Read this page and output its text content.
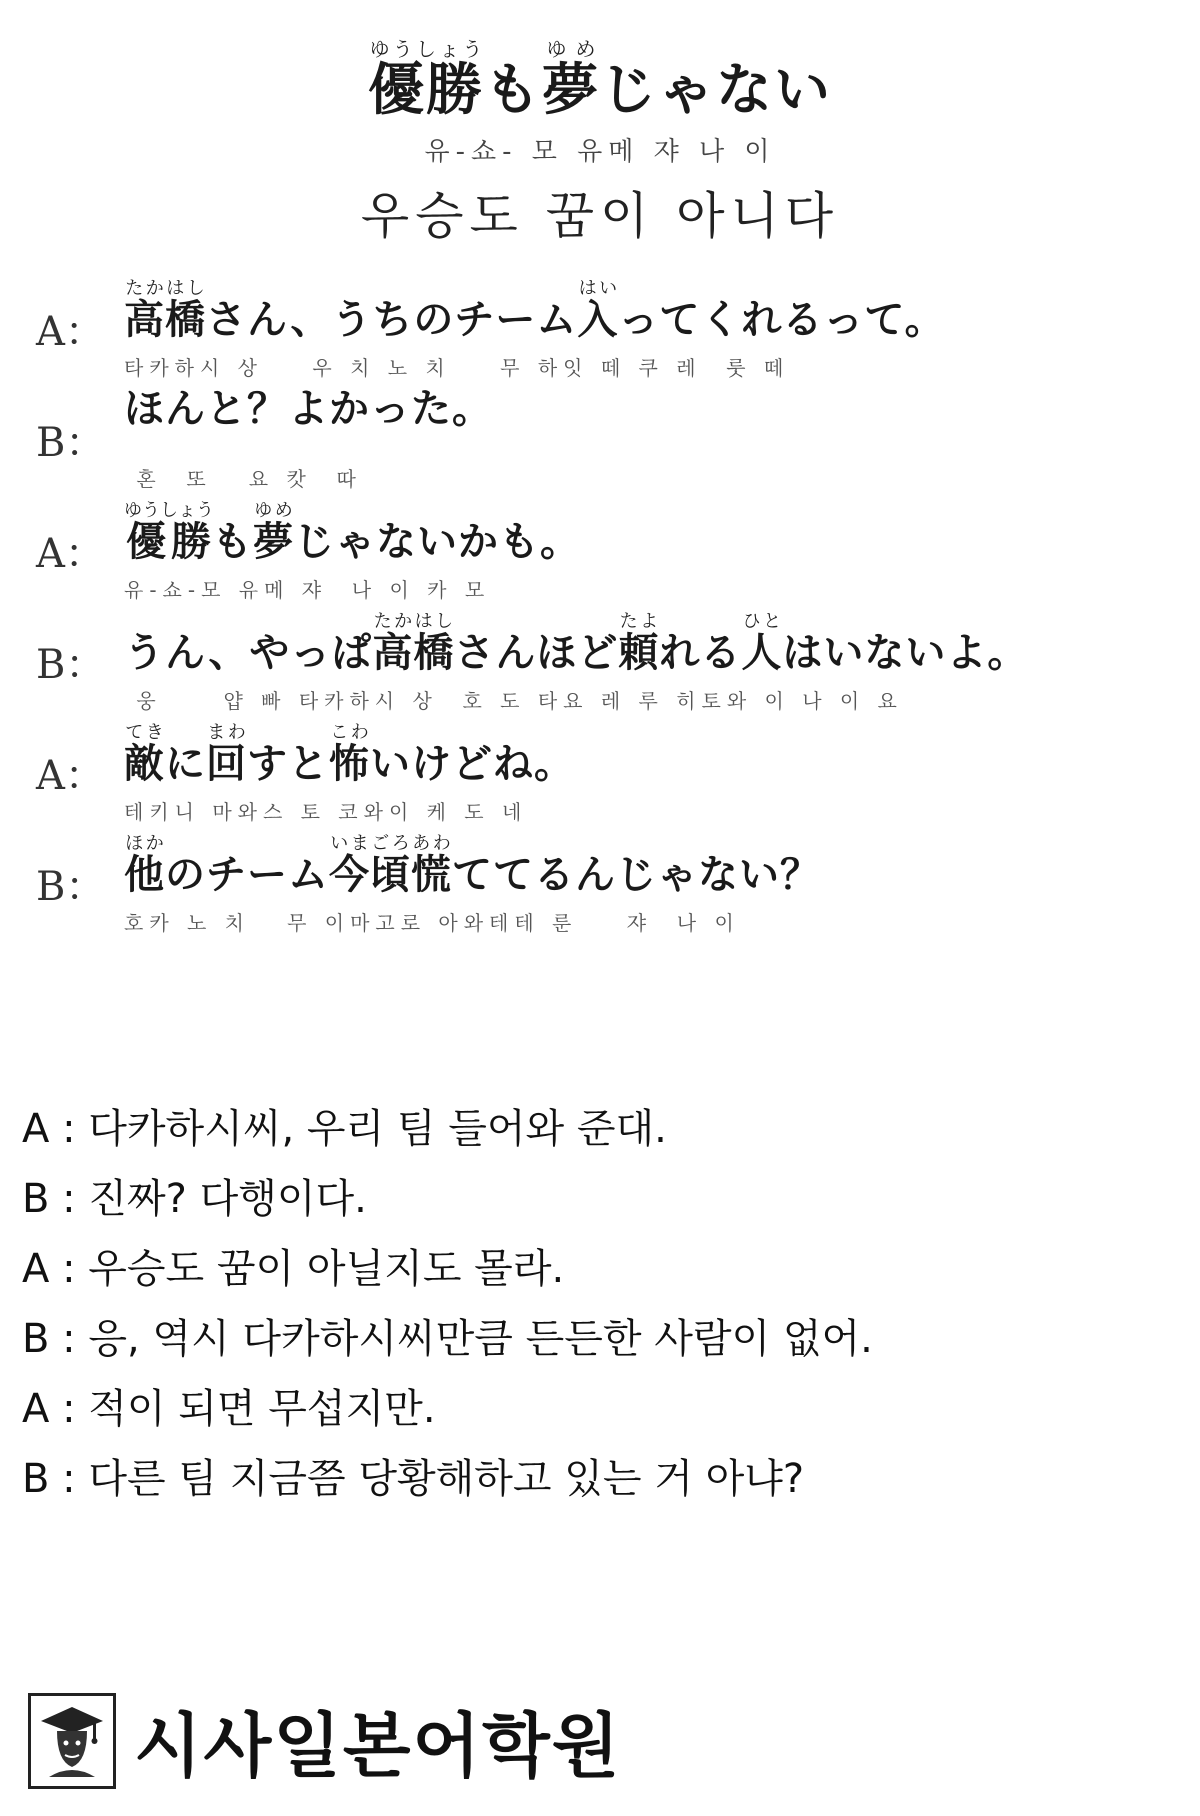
優勝ゆうしょうも夢ゆめじゃない
유-쇼- 모 유메 쟈 나 이
우승도 꿈이 아니다
A： 高橋たかはしさん、うちのチーム入はいってくれるって。
타카하시 상    우 치 노 치    무 하잇 떼 쿠 레  룻 떼
B：
ほんと？よかった。
혼  또   요 캇  따
A： 優勝ゆうしょうも夢ゆめじゃないかも。
유-쇼-모 유메 쟈  나 이 카 모
B： うん、やっぱ高橋たかはしさんほど頼たよれる人ひとはいないよ。
웅     얍 빠 타카하시 상  호 도 타요 레 루 히토와 이 나 이 요
A： 敵てきに回まわすと怖こわいけどね。
테키니 마와스 토 코와이 케 도 네
B： 他ほかのチーム今頃慌いまごろあわててるんじゃない？
호카 노 치   무 이마고로 아와테테 룬    쟈  나 이
A : 다카하시씨, 우리 팀 들어와 준대.
B : 진짜? 다행이다.
A : 우승도 꿈이 아닐지도 몰라.
B : 응, 역시 다카하시씨만큼 든든한 사람이 없어.
A : 적이 되면 무섭지만.
B : 다른 팀 지금쯤 당황해하고 있는 거 아냐?
시사일본어학원
